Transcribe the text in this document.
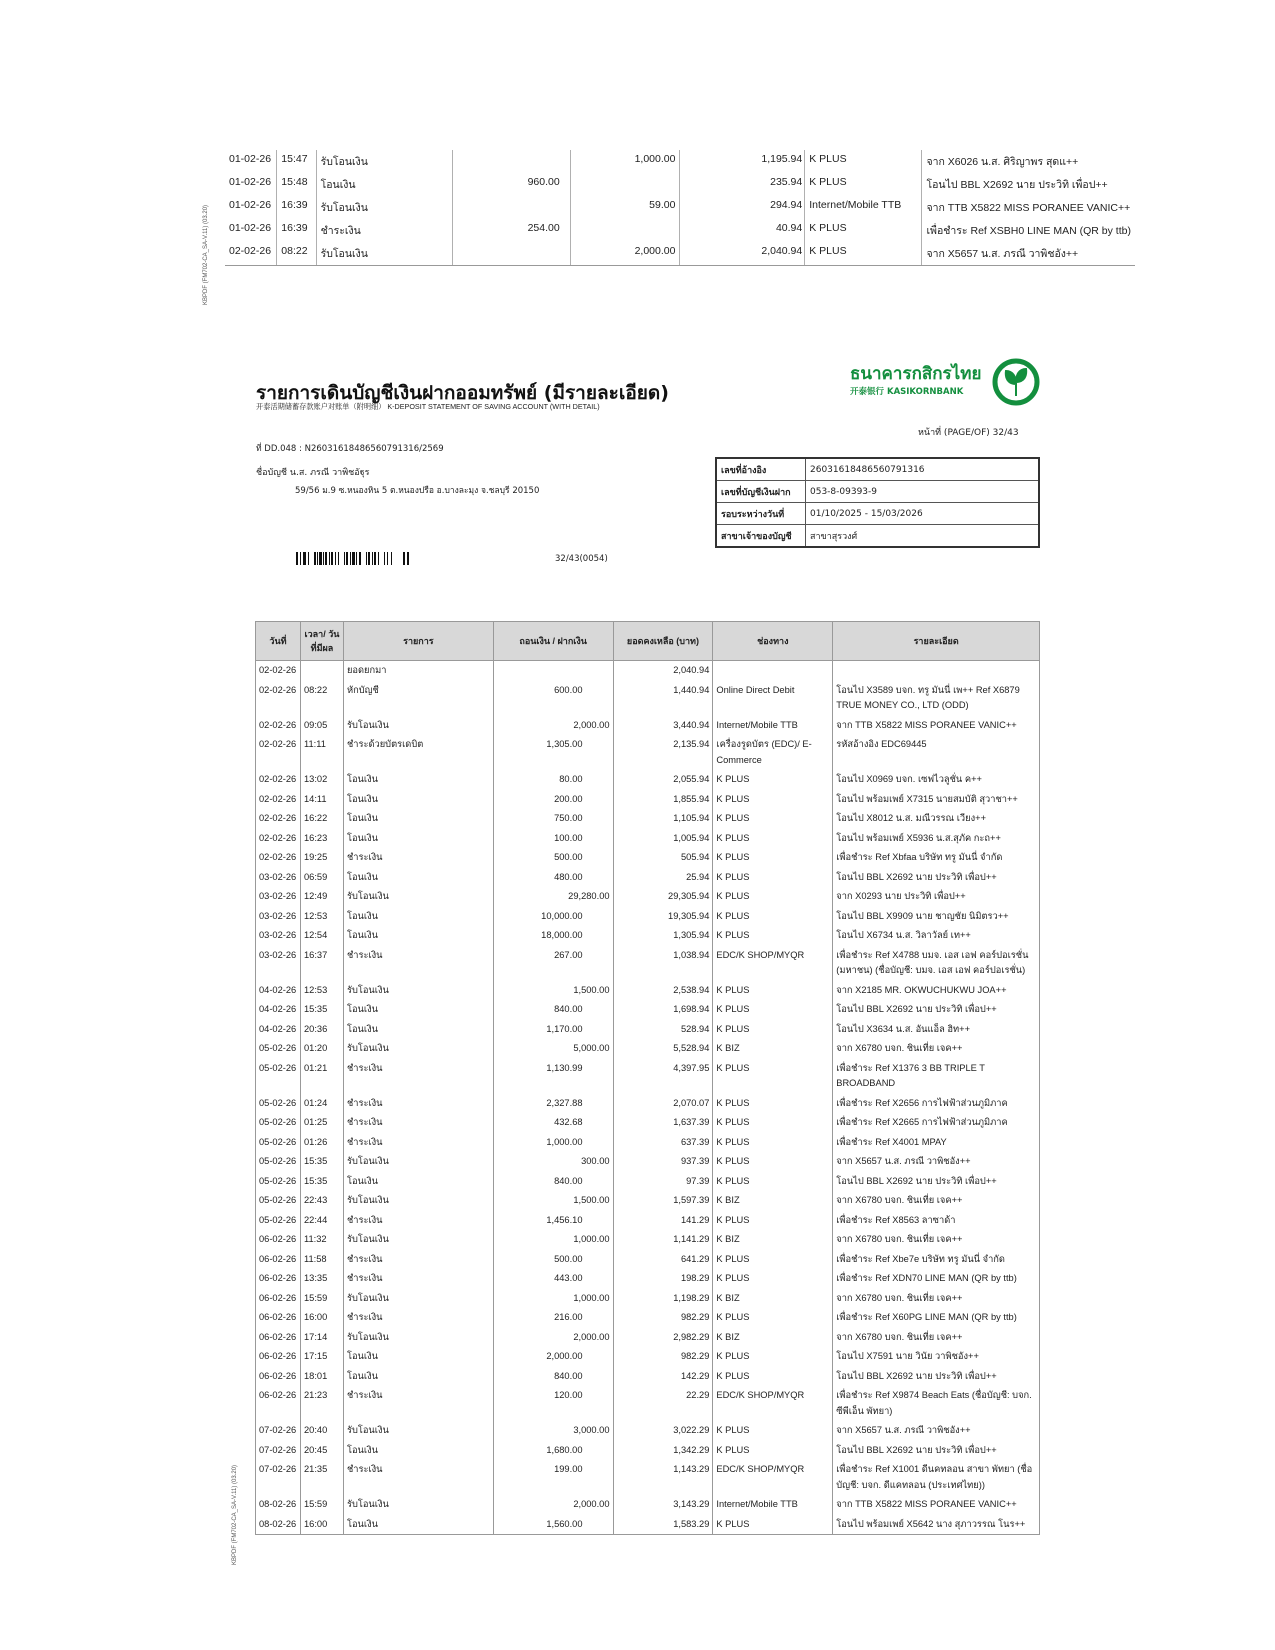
KBPDF (FM702-CA_SA-V.11) (03.20)
KBPDF (FM702-CA_SA-V.11) (03.20)
01-02-26	15:47	รับโอนเงิน		1,000.00	1,195.94	K PLUS	จาก X6026 น.ส. ศิริญาพร สุดแ++
01-02-26	15:48	โอนเงิน	960.00		235.94	K PLUS	โอนไป BBL X2692 นาย ประวิทิ เพื่อป++
01-02-26	16:39	รับโอนเงิน		59.00	294.94	Internet/Mobile TTB	จาก TTB X5822 MISS PORANEE VANIC++
01-02-26	16:39	ชำระเงิน	254.00		40.94	K PLUS	เพื่อชำระ Ref XSBH0 LINE MAN (QR by ttb)
02-02-26	08:22	รับโอนเงิน		2,000.00	2,040.94	K PLUS	จาก X5657 น.ส. ภรณี วาพิชอัง++
ธนาคารกสิกรไทย
开泰银行 KASIKORNBANK
รายการเดินบัญชีเงินฝากออมทรัพย์ (มีรายละเอียด)
开泰活期储蓄存款账户对账单（附明细） K-DEPOSIT STATEMENT OF SAVING ACCOUNT (WITH DETAIL)
หน้าที่ (PAGE/OF) 32/43
ที่ DD.048 : N26031618486560791316/2569
ชื่อบัญชี น.ส. ภรณี วาพิชอัฐุร
59/56 ม.9 ซ.หนองหิน 5 ต.หนองปรือ อ.บางละมุง จ.ชลบุรี 20150
32/43(0054)
เลขที่อ้างอิง	26031618486560791316
เลขที่บัญชีเงินฝาก	053-8-09393-9
รอบระหว่างวันที่	01/10/2025 - 15/03/2026
สาขาเจ้าของบัญชี	สาขาสุรวงศ์
วันที่	เวลา/ วันที่มีผล	รายการ	ถอนเงิน / ฝากเงิน	ยอดคงเหลือ (บาท)	ช่องทาง	รายละเอียด
02-02-26		ยอดยกมา		2,040.94		
02-02-26	08:22	หักบัญชี	600.00	1,440.94	Online Direct Debit	โอนไป X3589 บจก. ทรู มันนี่ เพ++ Ref X6879 TRUE MONEY CO., LTD (ODD)
02-02-26	09:05	รับโอนเงิน	2,000.00	3,440.94	Internet/Mobile TTB	จาก TTB X5822 MISS PORANEE VANIC++
02-02-26	11:11	ชำระด้วยบัตรเดบิต	1,305.00	2,135.94	เครื่องรูดบัตร (EDC)/ E-Commerce	รหัสอ้างอิง EDC69445
02-02-26	13:02	โอนเงิน	80.00	2,055.94	K PLUS	โอนไป X0969 บจก. เซฟไวลูชั่น ค++
02-02-26	14:11	โอนเงิน	200.00	1,855.94	K PLUS	โอนไป พร้อมเพย์ X7315 นายสมบัติ สุวาชา++
02-02-26	16:22	โอนเงิน	750.00	1,105.94	K PLUS	โอนไป X8012 น.ส. มณีวรรณ เวียง++
02-02-26	16:23	โอนเงิน	100.00	1,005.94	K PLUS	โอนไป พร้อมเพย์ X5936 น.ส.สุภัค กะถ++
02-02-26	19:25	ชำระเงิน	500.00	505.94	K PLUS	เพื่อชำระ Ref Xbfaa บริษัท ทรู มันนี่ จำกัด
03-02-26	06:59	โอนเงิน	480.00	25.94	K PLUS	โอนไป BBL X2692 นาย ประวิทิ เพื่อป++
03-02-26	12:49	รับโอนเงิน	29,280.00	29,305.94	K PLUS	จาก X0293 นาย ประวิทิ เพื่อป++
03-02-26	12:53	โอนเงิน	10,000.00	19,305.94	K PLUS	โอนไป BBL X9909 นาย ชาญชัย นิมิตรว++
03-02-26	12:54	โอนเงิน	18,000.00	1,305.94	K PLUS	โอนไป X6734 น.ส. วิลาวัลย์ เท++
03-02-26	16:37	ชำระเงิน	267.00	1,038.94	EDC/K SHOP/MYQR	เพื่อชำระ Ref X4788 บมจ. เอส เอฟ คอร์ปอเรชั่น (มหาชน) (ชื่อบัญชี: บมจ. เอส เอฟ คอร์ปอเรชั่น)
04-02-26	12:53	รับโอนเงิน	1,500.00	2,538.94	K PLUS	จาก X2185 MR. OKWUCHUKWU JOA++
04-02-26	15:35	โอนเงิน	840.00	1,698.94	K PLUS	โอนไป BBL X2692 นาย ประวิทิ เพื่อป++
04-02-26	20:36	โอนเงิน	1,170.00	528.94	K PLUS	โอนไป X3634 น.ส. อันแอ็ล ฮิท++
05-02-26	01:20	รับโอนเงิน	5,000.00	5,528.94	K BIZ	จาก X6780 บจก. ชินเที่ย เจค++
05-02-26	01:21	ชำระเงิน	1,130.99	4,397.95	K PLUS	เพื่อชำระ Ref X1376 3 BB TRIPLE T BROADBAND
05-02-26	01:24	ชำระเงิน	2,327.88	2,070.07	K PLUS	เพื่อชำระ Ref X2656 การไฟฟ้าส่วนภูมิภาค
05-02-26	01:25	ชำระเงิน	432.68	1,637.39	K PLUS	เพื่อชำระ Ref X2665 การไฟฟ้าส่วนภูมิภาค
05-02-26	01:26	ชำระเงิน	1,000.00	637.39	K PLUS	เพื่อชำระ Ref X4001 MPAY
05-02-26	15:35	รับโอนเงิน	300.00	937.39	K PLUS	จาก X5657 น.ส. ภรณี วาพิชอัง++
05-02-26	15:35	โอนเงิน	840.00	97.39	K PLUS	โอนไป BBL X2692 นาย ประวิทิ เพื่อป++
05-02-26	22:43	รับโอนเงิน	1,500.00	1,597.39	K BIZ	จาก X6780 บจก. ชินเที่ย เจค++
05-02-26	22:44	ชำระเงิน	1,456.10	141.29	K PLUS	เพื่อชำระ Ref X8563 ลาซาด้า
06-02-26	11:32	รับโอนเงิน	1,000.00	1,141.29	K BIZ	จาก X6780 บจก. ชินเที่ย เจค++
06-02-26	11:58	ชำระเงิน	500.00	641.29	K PLUS	เพื่อชำระ Ref Xbe7e บริษัท ทรู มันนี่ จำกัด
06-02-26	13:35	ชำระเงิน	443.00	198.29	K PLUS	เพื่อชำระ Ref XDN70 LINE MAN (QR by ttb)
06-02-26	15:59	รับโอนเงิน	1,000.00	1,198.29	K BIZ	จาก X6780 บจก. ชินเที่ย เจค++
06-02-26	16:00	ชำระเงิน	216.00	982.29	K PLUS	เพื่อชำระ Ref X60PG LINE MAN (QR by ttb)
06-02-26	17:14	รับโอนเงิน	2,000.00	2,982.29	K BIZ	จาก X6780 บจก. ชินเที่ย เจค++
06-02-26	17:15	โอนเงิน	2,000.00	982.29	K PLUS	โอนไป X7591 นาย วินัย วาพิชอัง++
06-02-26	18:01	โอนเงิน	840.00	142.29	K PLUS	โอนไป BBL X2692 นาย ประวิทิ เพื่อป++
06-02-26	21:23	ชำระเงิน	120.00	22.29	EDC/K SHOP/MYQR	เพื่อชำระ Ref X9874 Beach Eats (ชื่อบัญชี: บจก. ซีพีเอ็น พัทยา)
07-02-26	20:40	รับโอนเงิน	3,000.00	3,022.29	K PLUS	จาก X5657 น.ส. ภรณี วาพิชอัง++
07-02-26	20:45	โอนเงิน	1,680.00	1,342.29	K PLUS	โอนไป BBL X2692 นาย ประวิทิ เพื่อป++
07-02-26	21:35	ชำระเงิน	199.00	1,143.29	EDC/K SHOP/MYQR	เพื่อชำระ Ref X1001 ดีนคทลอน สาขา พัทยา (ชื่อบัญชี: บจก. ดีแคทลอน (ประเทศไทย))
08-02-26	15:59	รับโอนเงิน	2,000.00	3,143.29	Internet/Mobile TTB	จาก TTB X5822 MISS PORANEE VANIC++
08-02-26	16:00	โอนเงิน	1,560.00	1,583.29	K PLUS	โอนไป พร้อมเพย์ X5642 นาง สุภาวรรณ โนร++
